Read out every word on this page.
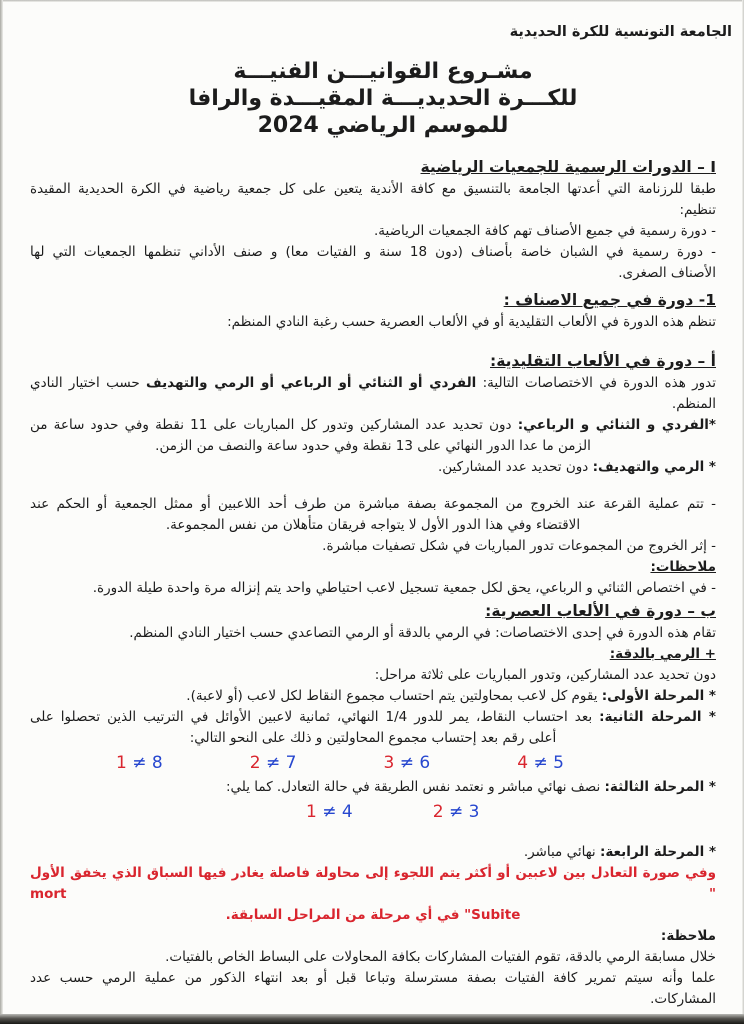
الجامعة التونسية للكرة الحديدية
مشـروع القوانيـــن الفنيـــة
للكـــرة الحديديـــة المقيـــدة والرافا
للموسم الرياضي 2024
I – الدورات الرسمية للجمعيات الرياضية
طبقا للرزنامة التي أعدتها الجامعة بالتنسيق مع كافة الأندية يتعين على كل جمعية رياضية في الكرة الحديدية المقيدة
تنظيم:
- دورة رسمية في جميع الأصناف تهم كافة الجمعيات الرياضية.
- دورة رسمية في الشبان خاصة بأصناف (دون 18 سنة و الفتيات معا) و صنف الأداني تنظمها الجمعيات التي لها
الأصناف الصغرى.
1- دورة في جميع الاصناف :
تنظم هذه الدورة في الألعاب التقليدية أو في الألعاب العصرية حسب رغبة النادي المنظم:
أ – دورة في الألعاب التقليدية:
تدور هذه الدورة في الاختصاصات التالية: الفردي أو الثنائي أو الرباعي أو الرمي والتهديف حسب اختيار النادي
المنظم.
*الفردي و الثنائي و الرباعي: دون تحديد عدد المشاركين وتدور كل المباريات على 11 نقطة وفي حدود ساعة من
الزمن ما عدا الدور النهائي على 13 نقطة وفي حدود ساعة والنصف من الزمن.
* الرمي والتهديف: دون تحديد عدد المشاركين.
- تتم عملية القرعة عند الخروج من المجموعة بصفة مباشرة من طرف أحد اللاعبين أو ممثل الجمعية أو الحكم عند
الاقتضاء وفي هذا الدور الأول لا يتواجه فريقان متأهلان من نفس المجموعة.
- إثر الخروج من المجموعات تدور المباريات في شكل تصفيات مباشرة.
ملاحظات:
- في اختصاص الثنائي و الرباعي، يحق لكل جمعية تسجيل لاعب احتياطي واحد يتم إنزاله مرة واحدة طيلة الدورة.
ب – دورة في الألعاب العصرية:
تقام هذه الدورة في إحدى الاختصاصات: في الرمي بالدقة أو الرمي التصاعدي حسب اختيار النادي المنظم.
+ الرمي بالدقة:
دون تحديد عدد المشاركين، وتدور المباريات على ثلاثة مراحل:
* المرحلة الأولى: يقوم كل لاعب بمحاولتين يتم احتساب مجموع النقاط لكل لاعب (أو لاعبة).
* المرحلة الثانية: بعد احتساب النقاط، يمر للدور 1/4 النهائي، ثمانية لاعبين الأوائل في الترتيب الذين تحصلوا على
أعلى رقم بعد إحتساب مجموع المحاولتين و ذلك على النحو التالي:
1 ≠ 8	2 ≠ 7	3 ≠ 6	4 ≠ 5
* المرحلة الثالثة: نصف نهائي مباشر و نعتمد نفس الطريقة في حالة التعادل. كما يلي:
1 ≠ 4	2 ≠ 3
* المرحلة الرابعة: نهائي مباشر.
وفي صورة التعادل بين لاعبين أو أكثر يتم اللجوء إلى محاولة فاصلة يغادر فيها السباق الذي يخفق الأول " mort
Subite" في أي مرحلة من المراحل السابقة.
ملاحظة:
خلال مسابقة الرمي بالدقة، تقوم الفتيات المشاركات بكافة المحاولات على البساط الخاص بالفتيات.
علما وأنه سيتم تمرير كافة الفتيات بصفة مسترسلة وتباعا قبل أو بعد انتهاء الذكور من عملية الرمي حسب عدد
المشاركات.
